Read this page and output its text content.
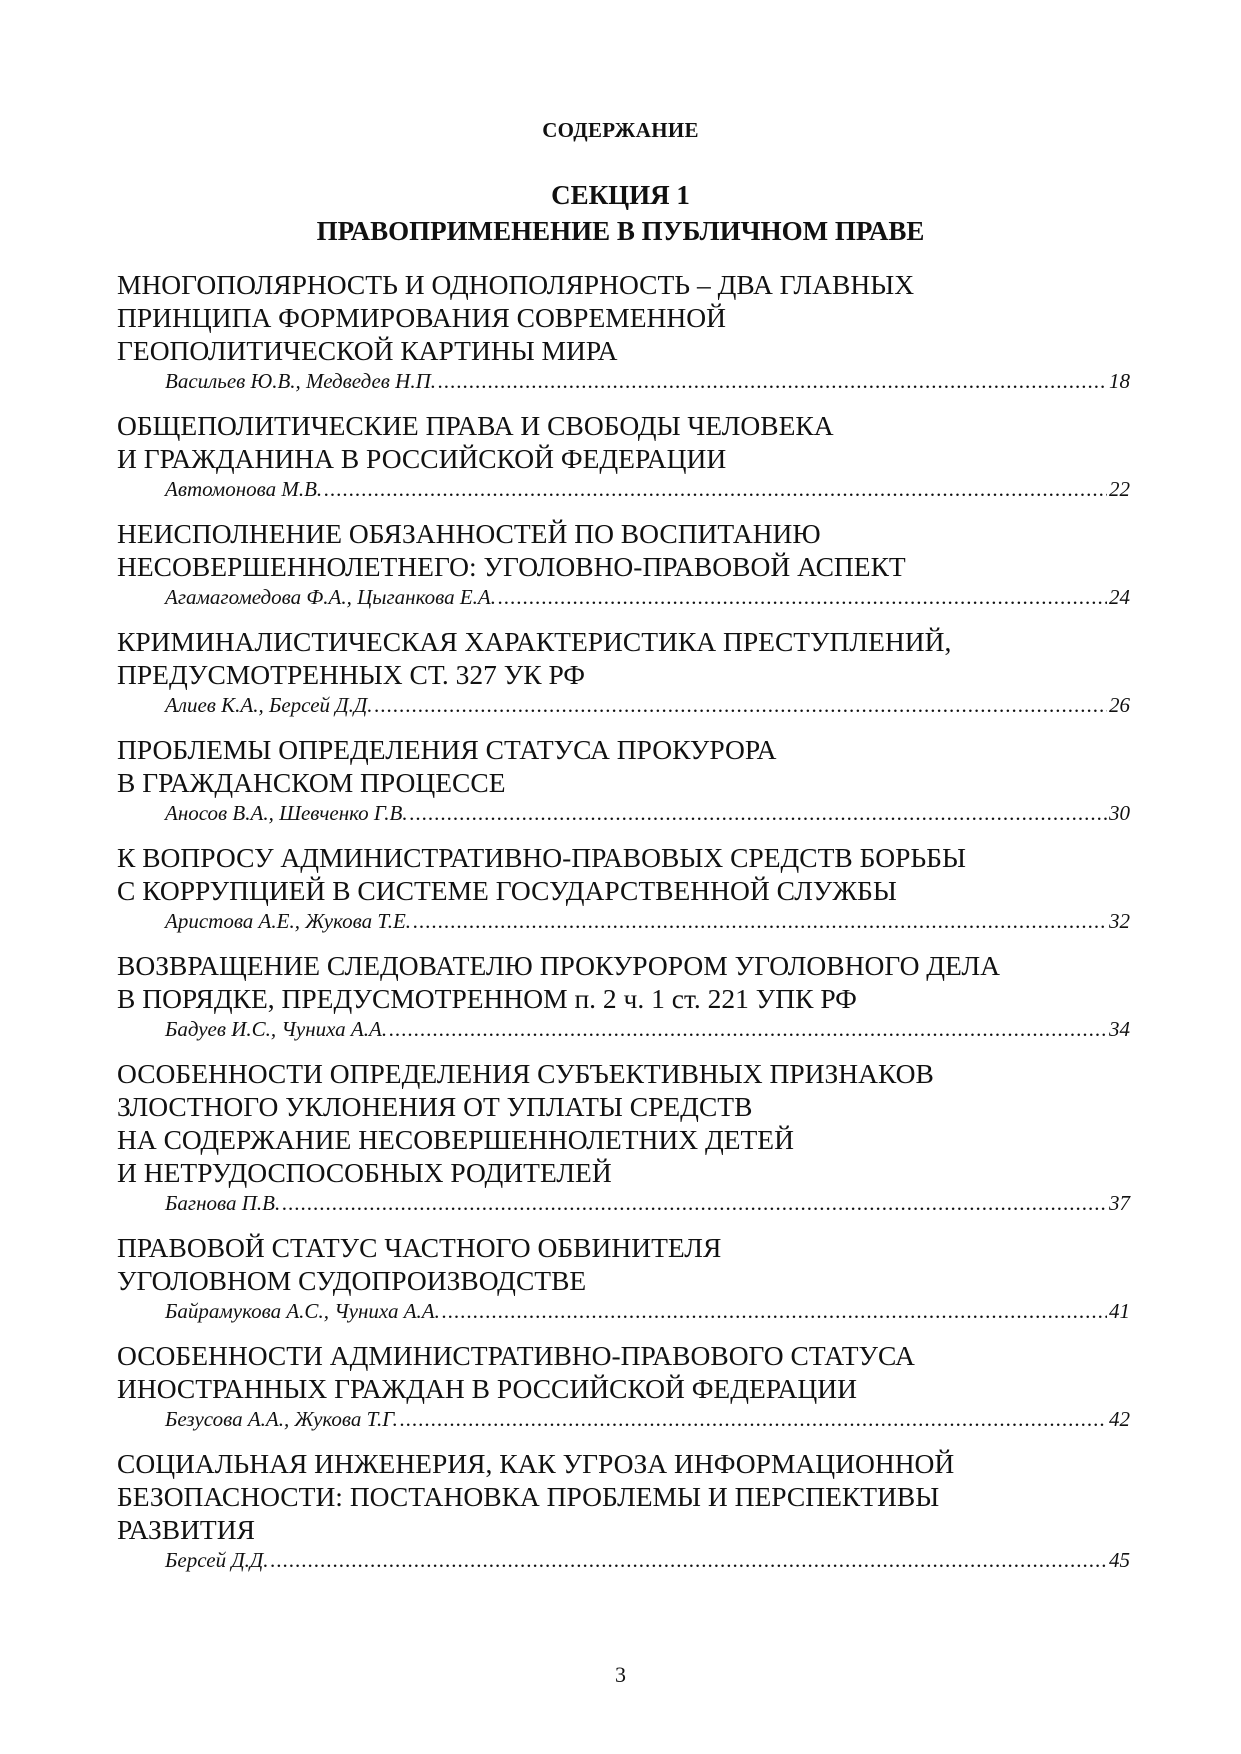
СОДЕРЖАНИЕ
СЕКЦИЯ 1
ПРАВОПРИМЕНЕНИЕ В ПУБЛИЧНОМ ПРАВЕ
МНОГОПОЛЯРНОСТЬ И ОДНОПОЛЯРНОСТЬ – ДВА ГЛАВНЫХ
ПРИНЦИПА ФОРМИРОВАНИЯ СОВРЕМЕННОЙ
ГЕОПОЛИТИЧЕСКОЙ КАРТИНЫ МИРА
Васильев Ю.В., Медведев Н.П. .....	18
ОБЩЕПОЛИТИЧЕСКИЕ ПРАВА И СВОБОДЫ ЧЕЛОВЕКА
И ГРАЖДАНИНА В РОССИЙСКОЙ ФЕДЕРАЦИИ
Автомонова М.В. .....	22
НЕИСПОЛНЕНИЕ ОБЯЗАННОСТЕЙ ПО ВОСПИТАНИЮ
НЕСОВЕРШЕННОЛЕТНЕГО: УГОЛОВНО-ПРАВОВОЙ АСПЕКТ
Агамагомедова Ф.А., Цыганкова Е.А. .....	24
КРИМИНАЛИСТИЧЕСКАЯ ХАРАКТЕРИСТИКА ПРЕСТУПЛЕНИЙ,
ПРЕДУСМОТРЕННЫХ СТ. 327 УК РФ
Алиев К.А., Берсей Д.Д. .....	26
ПРОБЛЕМЫ ОПРЕДЕЛЕНИЯ СТАТУСА ПРОКУРОРА
В ГРАЖДАНСКОМ ПРОЦЕССЕ
Аносов В.А., Шевченко Г.В. .....	30
К ВОПРОСУ АДМИНИСТРАТИВНО-ПРАВОВЫХ СРЕДСТВ БОРЬБЫ
С КОРРУПЦИЕЙ В СИСТЕМЕ ГОСУДАРСТВЕННОЙ СЛУЖБЫ
Аристова А.Е., Жукова Т.Е. .....	32
ВОЗВРАЩЕНИЕ СЛЕДОВАТЕЛЮ ПРОКУРОРОМ УГОЛОВНОГО ДЕЛА
В ПОРЯДКЕ, ПРЕДУСМОТРЕННОМ п. 2 ч. 1 ст. 221 УПК РФ
Бадуев И.С., Чуниха А.А. .....	34
ОСОБЕННОСТИ ОПРЕДЕЛЕНИЯ СУБЪЕКТИВНЫХ ПРИЗНАКОВ
ЗЛОСТНОГО УКЛОНЕНИЯ ОТ УПЛАТЫ СРЕДСТВ
НА СОДЕРЖАНИЕ НЕСОВЕРШЕННОЛЕТНИХ ДЕТЕЙ
И НЕТРУДОСПОСОБНЫХ РОДИТЕЛЕЙ
Багнова П.В. .....	37
ПРАВОВОЙ СТАТУС ЧАСТНОГО ОБВИНИТЕЛЯ
УГОЛОВНОМ СУДОПРОИЗВОДСТВЕ
Байрамукова А.С., Чуниха А.А. .....	41
ОСОБЕННОСТИ АДМИНИСТРАТИВНО-ПРАВОВОГО СТАТУСА
ИНОСТРАННЫХ ГРАЖДАН В РОССИЙСКОЙ ФЕДЕРАЦИИ
Безусова А.А., Жукова Т.Г. .....	42
СОЦИАЛЬНАЯ ИНЖЕНЕРИЯ, КАК УГРОЗА ИНФОРМАЦИОННОЙ
БЕЗОПАСНОСТИ: ПОСТАНОВКА ПРОБЛЕМЫ И ПЕРСПЕКТИВЫ
РАЗВИТИЯ
Берсей Д.Д. .....	45
3
